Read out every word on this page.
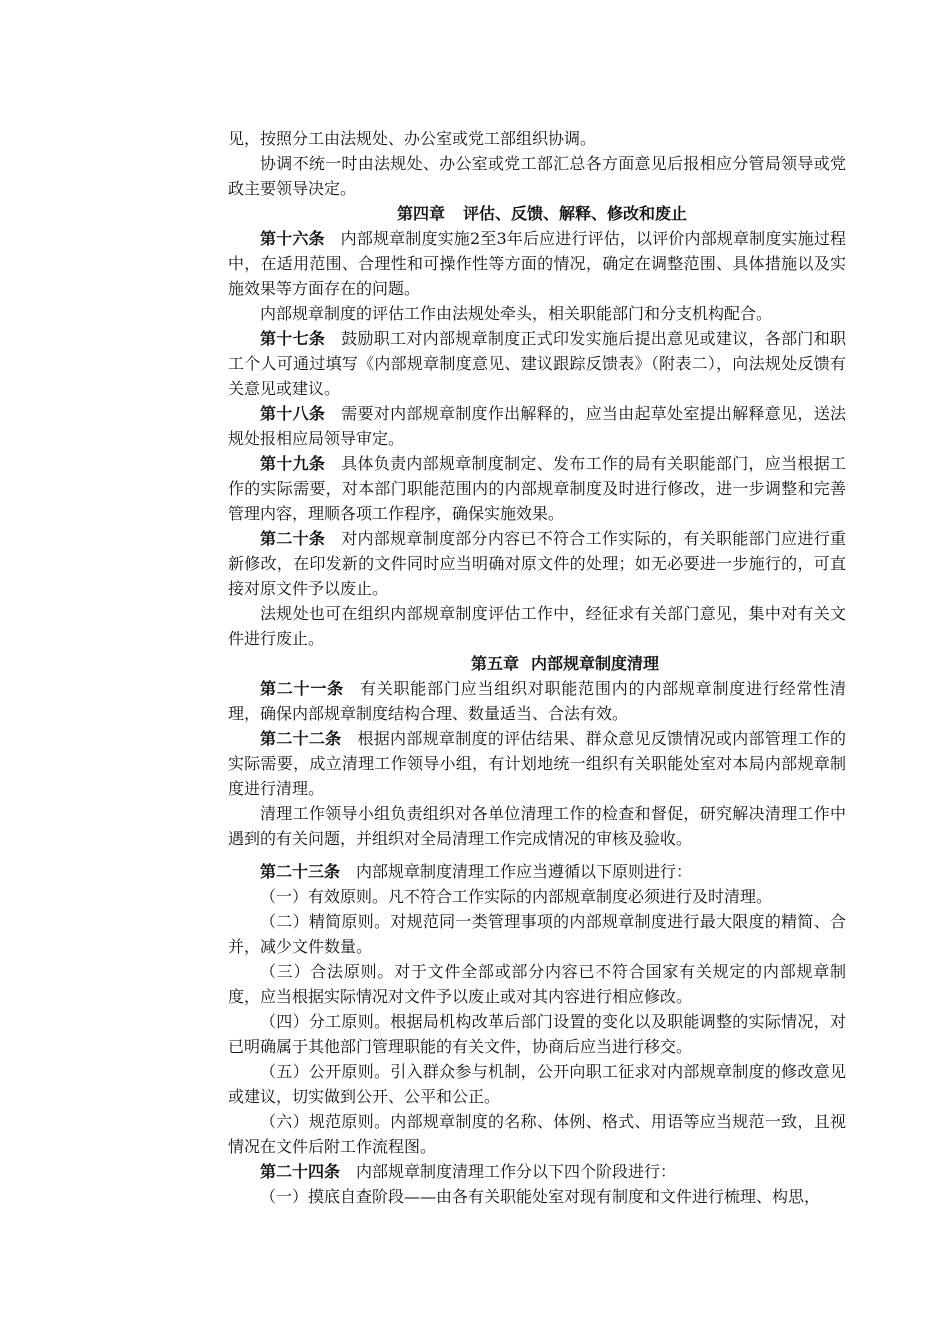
见，按照分工由法规处、办公室或党工部组织协调。

协调不统一时由法规处、办公室或党工部汇总各方面意见后报相应分管局领导或党政主要领导决定。

第四章 评估、反馈、解释、修改和废止

第十六条 内部规章制度实施2至3年后应进行评估，以评价内部规章制度实施过程中，在适用范围、合理性和可操作性等方面的情况，确定在调整范围、具体措施以及实施效果等方面存在的问题。

内部规章制度的评估工作由法规处牵头，相关职能部门和分支机构配合。

第十七条 鼓励职工对内部规章制度正式印发实施后提出意见或建议，各部门和职工个人可通过填写《内部规章制度意见、建议跟踪反馈表》（附表二），向法规处反馈有关意见或建议。

第十八条 需要对内部规章制度作出解释的，应当由起草处室提出解释意见，送法规处报相应局领导审定。

第十九条 具体负责内部规章制度制定、发布工作的局有关职能部门，应当根据工作的实际需要，对本部门职能范围内的内部规章制度及时进行修改，进一步调整和完善管理内容，理顺各项工作程序，确保实施效果。

第二十条 对内部规章制度部分内容已不符合工作实际的，有关职能部门应进行重新修改，在印发新的文件同时应当明确对原文件的处理；如无必要进一步施行的，可直接对原文件予以废止。

法规处也可在组织内部规章制度评估工作中，经征求有关部门意见，集中对有关文件进行废止。

第五章 内部规章制度清理

第二十一条 有关职能部门应当组织对职能范围内的内部规章制度进行经常性清理，确保内部规章制度结构合理、数量适当、合法有效。

第二十二条 根据内部规章制度的评估结果、群众意见反馈情况或内部管理工作的实际需要，成立清理工作领导小组，有计划地统一组织有关职能处室对本局内部规章制度进行清理。

清理工作领导小组负责组织对各单位清理工作的检查和督促，研究解决清理工作中遇到的有关问题，并组织对全局清理工作完成情况的审核及验收。

第二十三条 内部规章制度清理工作应当遵循以下原则进行：

（一）有效原则。凡不符合工作实际的内部规章制度必须进行及时清理。

（二）精简原则。对规范同一类管理事项的内部规章制度进行最大限度的精简、合并，减少文件数量。

（三）合法原则。对于文件全部或部分内容已不符合国家有关规定的内部规章制度，应当根据实际情况对文件予以废止或对其内容进行相应修改。

（四）分工原则。根据局机构改革后部门设置的变化以及职能调整的实际情况，对已明确属于其他部门管理职能的有关文件，协商后应当进行移交。

（五）公开原则。引入群众参与机制，公开向职工征求对内部规章制度的修改意见或建议，切实做到公开、公平和公正。

（六）规范原则。内部规章制度的名称、体例、格式、用语等应当规范一致，且视情况在文件后附工作流程图。

第二十四条 内部规章制度清理工作分以下四个阶段进行：

（一）摸底自查阶段——由各有关职能处室对现有制度和文件进行梳理、构思，
